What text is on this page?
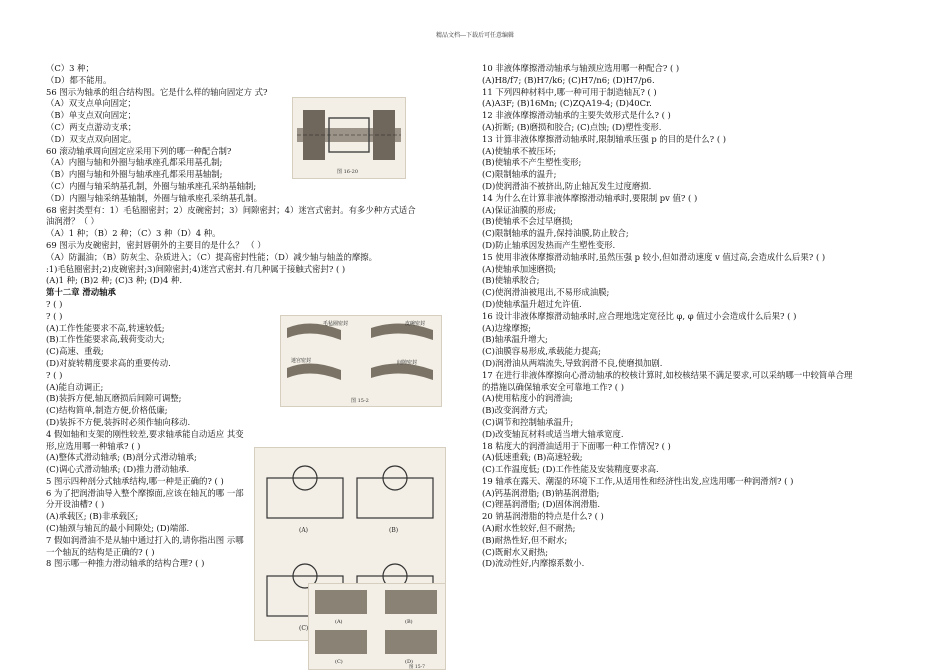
精品文档---下载后可任意编辑
（C）3 种；
（D）都不能用。
56 图示为轴承的组合结构图。它是什么样的轴向固定方 式?
（A）双支点单向固定；
（B）单支点双向固定；
（C）两支点游动支承；
（D）双支点双向固定。
60 滚动轴承周向固定应采用下列的哪一种配合制?
（A）内圈与轴和外圈与轴承座孔都采用基孔制;
（B）内圈与轴和外圈与轴承座孔都采用基轴制;
（C）内圈与轴采纳基孔制，外圈与轴承座孔采纳基轴制;
（D）内圈与轴采纳基轴制，外圈与轴承座孔采纳基孔制。
68 密封类型有：1）毛毡圈密封；2）皮碗密封；3）间隙密封；4）迷宫式密封。有多少种方式适合
油润滑？（ ）
（A）1 种；（B）2 种；（C）3 种（D）4 种。
69 图示为皮碗密封，密封唇朝外的主要目的是什么？ （ ）
（A）防漏油；（B）防灰尘、杂质进入；（C）提高密封性能；（D）减少轴与轴盖的摩擦。
:1)毛毡圈密封;2)皮碗密封;3)间隙密封;4)迷宫式密封.有几种属于接触式密封? ( )
(A)1 种; (B)2 种; (C)3 种; (D)4 种.
第十二章 滑动轴承
? ( )
? ( )
(A)工作性能要求不高,转速较低;
(B)工作性能要求高,载荷变动大;
(C)高速、重载;
(D)对旋转精度要求高的重要传动.
? ( )
(A)能自动调正;
(B)装拆方便,轴瓦磨损后间隙可调整;
(C)结构简单,制造方便,价格低廉;
(D)装拆不方便,装拆时必须作轴向移动.
4 假如轴和支架的刚性较差,要求轴承能自动适应 其变
形,应选用哪一种轴承? ( )
(A)整体式滑动轴承; (B)剖分式滑动轴承;
(C)调心式滑动轴承; (D)推力滑动轴承.
5 图示四种剖分式轴承结构,哪一种是正确的? ( )
6 为了把润滑油导入整个摩擦面,应该在轴瓦的哪 一部
分开设油槽? ( )
(A)承载区; (B)非承载区;
(C)轴颈与轴瓦的最小间隙处; (D)端部.
7 假如润滑油不是从轴中通过打入的,请你指出图 示哪
一个轴瓦的结构是正确的? ( )
8 图示哪一种推力滑动轴承的结构合理? ( )
10 非液体摩擦滑动轴承与轴颈应选用哪一种配合? ( )
(A)H8/f7; (B)H7/k6; (C)H7/n6; (D)H7/p6.
11 下列四种材料中,哪一种可用于制造轴瓦? ( )
(A)A3F; (B)16Mn; (C)ZQA19-4; (D)40Cr.
12 非液体摩擦滑动轴承的主要失效形式是什么? ( )
(A)折断; (B)磨损和胶合; (C)点蚀; (D)塑性变形.
13 计算非液体摩擦滑动轴承时,限制轴承压强 p 的目的是什么? ( )
(A)使轴承不被压坏;
(B)使轴承不产生塑性变形;
(C)限制轴承的温升;
(D)使润滑油不被挤出,防止轴瓦发生过度磨损.
14 为什么在计算非液体摩擦滑动轴承时,要限制 pv 值? ( )
(A)保证油膜的形成;
(B)使轴承不会过早磨损;
(C)限制轴承的温升,保持油膜,防止胶合;
(D)防止轴承因发热而产生塑性变形.
15 使用非液体摩擦滑动轴承时,虽然压强 p 较小,但如滑动速度 v 值过高,会造成什么后果? ( )
(A)使轴承加速磨损;
(B)使轴承胶合;
(C)使润滑油被甩出,不易形成油膜;
(D)使轴承温升超过允许值.
16 设计非液体摩擦滑动轴承时,应合理地选定宽径比 φ, φ 值过小会造成什么后果? ( )
(A)边缘摩擦;
(B)轴承温升增大;
(C)油膜容易形成,承载能力提高;
(D)润滑油从两端流失,导致润滑不良,使磨损加剧.
17 在进行非液体摩擦向心滑动轴承的校核计算时,如校核结果不满足要求,可以采纳哪一中较简单合理
的措施以确保轴承安全可靠地工作? ( )
(A)使用粘度小的润滑油;
(B)改变润滑方式;
(C)调节和控制轴承温升;
(D)改变轴瓦材料或适当增大轴承宽度.
18 粘度大的润滑油适用于下面哪一种工作情况? ( )
(A)低速重载; (B)高速轻载;
(C)工作温度低; (D)工作性能及安装精度要求高.
19 轴承在露天、潮湿的环境下工作,从适用性和经济性出发,应选用哪一种润滑剂? ( )
(A)钙基润滑脂; (B)钠基润滑脂;
(C)锂基润滑脂; (D)固体润滑脂.
20 钠基润滑脂的特点是什么? ( )
(A)耐水性较好,但不耐热;
(B)耐热性好,但不耐水;
(C)既耐水又耐热;
(D)流动性好,内摩擦系数小.
图 16-20
毛毡圈密封	皮碗密封
迷宫密封	间隙密封
图 15-2
(A)	(B)
(C)
(A)	(B)
(C)	(D)
图 15-7
